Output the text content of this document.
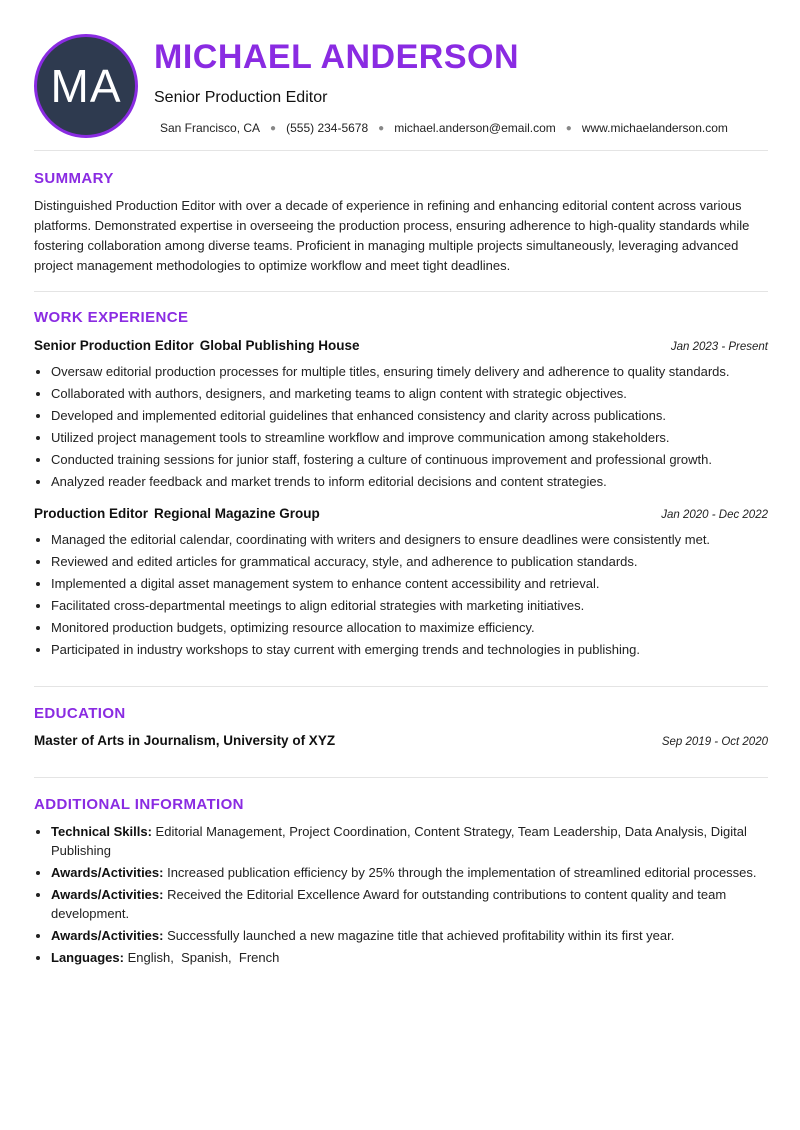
MA
MICHAEL ANDERSON
Senior Production Editor
San Francisco, CA ● (555) 234-5678 ● michael.anderson@email.com ● www.michaelanderson.com
SUMMARY

Distinguished Production Editor with over a decade of experience in refining and enhancing editorial content across various platforms. Demonstrated expertise in overseeing the production process, ensuring adherence to high-quality standards while fostering collaboration among diverse teams. Proficient in managing multiple projects simultaneously, leveraging advanced project management methodologies to optimize workflow and meet tight deadlines.

WORK EXPERIENCE
Senior Production Editor Global Publishing House	Jan 2023 - Present
• Oversaw editorial production processes for multiple titles, ensuring timely delivery and adherence to quality standards.
• Collaborated with authors, designers, and marketing teams to align content with strategic objectives.
• Developed and implemented editorial guidelines that enhanced consistency and clarity across publications.
• Utilized project management tools to streamline workflow and improve communication among stakeholders.
• Conducted training sessions for junior staff, fostering a culture of continuous improvement and professional growth.
• Analyzed reader feedback and market trends to inform editorial decisions and content strategies.
Production Editor Regional Magazine Group	Jan 2020 - Dec 2022
• Managed the editorial calendar, coordinating with writers and designers to ensure deadlines were consistently met.
• Reviewed and edited articles for grammatical accuracy, style, and adherence to publication standards.
• Implemented a digital asset management system to enhance content accessibility and retrieval.
• Facilitated cross-departmental meetings to align editorial strategies with marketing initiatives.
• Monitored production budgets, optimizing resource allocation to maximize efficiency.
• Participated in industry workshops to stay current with emerging trends and technologies in publishing.
EDUCATION
Master of Arts in Journalism, University of XYZ	Sep 2019 - Oct 2020
ADDITIONAL INFORMATION
• Technical Skills: Editorial Management, Project Coordination, Content Strategy, Team Leadership, Data Analysis, Digital Publishing
• Awards/Activities: Increased publication efficiency by 25% through the implementation of streamlined editorial processes.
• Awards/Activities: Received the Editorial Excellence Award for outstanding contributions to content quality and team development.
• Awards/Activities: Successfully launched a new magazine title that achieved profitability within its first year.
• Languages: English,  Spanish,  French
